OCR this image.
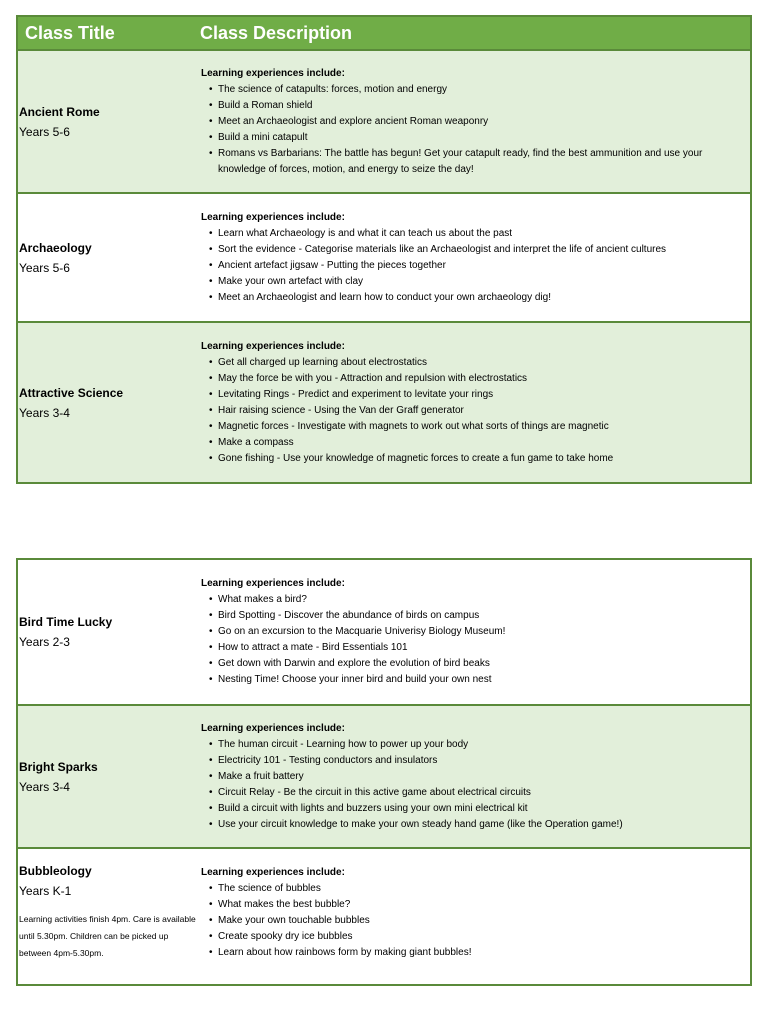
Class Title	Class Description
Ancient Rome
Years 5-6
Learning experiences include:
• The science of catapults: forces, motion and energy
• Build a Roman shield
• Meet an Archaeologist and explore ancient Roman weaponry
• Build a mini catapult
• Romans vs Barbarians: The battle has begun! Get your catapult ready, find the best ammunition and use your knowledge of forces, motion, and energy to seize the day!
Archaeology
Years 5-6
Learning experiences include:
• Learn what Archaeology is and what it can teach us about the past
• Sort the evidence - Categorise materials like an Archaeologist and interpret the life of ancient cultures
• Ancient artefact jigsaw - Putting the pieces together
• Make your own artefact with clay
• Meet an Archaeologist and learn how to conduct your own archaeology dig!
Attractive Science
Years 3-4
Learning experiences include:
• Get all charged up learning about electrostatics
• May the force be with you - Attraction and repulsion with electrostatics
• Levitating Rings - Predict and experiment to levitate your rings
• Hair raising science - Using the Van der Graff generator
• Magnetic forces - Investigate with magnets to work out what sorts of things are magnetic
• Make a compass
• Gone fishing - Use your knowledge of magnetic forces to create a fun game to take home
Bird Time Lucky
Years 2-3
Learning experiences include:
• What makes a bird?
• Bird Spotting - Discover the abundance of birds on campus
• Go on an excursion to the Macquarie Univerisy Biology Museum!
• How to attract a mate - Bird Essentials 101
• Get down with Darwin and explore the evolution of bird beaks
• Nesting Time! Choose your inner bird and build your own nest
Bright Sparks
Years 3-4
Learning experiences include:
• The human circuit - Learning how to power up your body
• Electricity 101 - Testing conductors and insulators
• Make a fruit battery
• Circuit Relay - Be the circuit in this active game about electrical circuits
• Build a circuit with lights and buzzers using your own mini electrical kit
• Use your circuit knowledge to make your own steady hand game (like the Operation game!)
Bubbleology
Years K-1
Learning activities finish 4pm. Care is available until 5.30pm. Children can be picked up between 4pm-5.30pm.
Learning experiences include:
• The science of bubbles
• What makes the best bubble?
• Make your own touchable bubbles
• Create spooky dry ice bubbles
• Learn about how rainbows form by making giant bubbles!
